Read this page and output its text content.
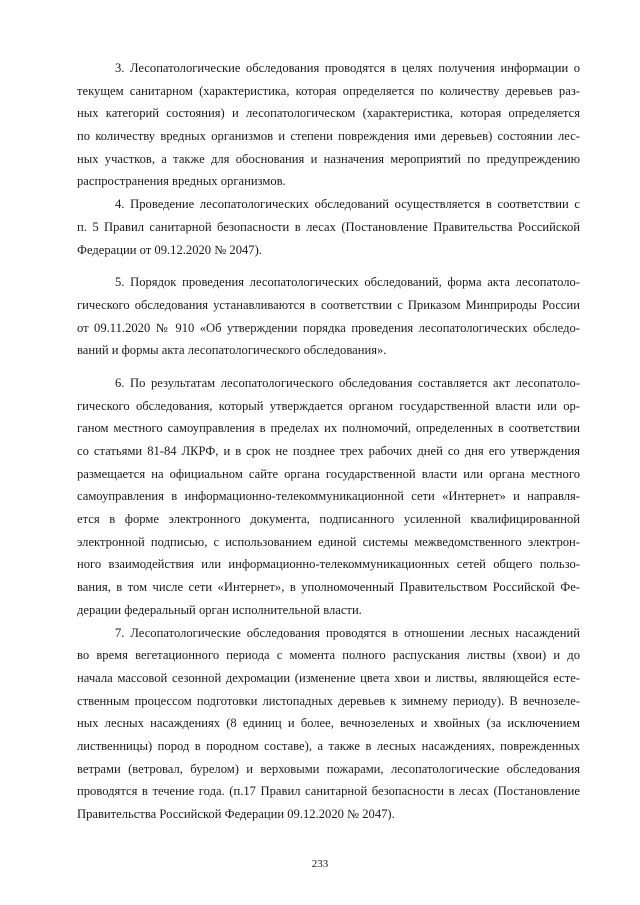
3. Лесопатологические обследования проводятся в целях получения информации о
текущем санитарном (характеристика, которая определяется по количеству деревьев раз-
ных категорий состояния) и лесопатологическом (характеристика, которая определяется
по количеству вредных организмов и степени повреждения ими деревьев) состоянии лес-
ных участков, а также для обоснования и назначения мероприятий по предупреждению
распространения вредных организмов.
4. Проведение лесопатологических обследований осуществляется в соответствии с
п. 5 Правил санитарной безопасности в лесах (Постановление Правительства Российской
Федерации от 09.12.2020 № 2047).
5. Порядок проведения лесопатологических обследований, форма акта лесопатоло-
гического обследования устанавливаются в соответствии с Приказом Минприроды России
от 09.11.2020 № 910 «Об утверждении порядка проведения лесопатологических обследо-
ваний и формы акта лесопатологического обследования».
6. По результатам лесопатологического обследования составляется акт лесопатоло-
гического обследования, который утверждается органом государственной власти или ор-
ганом местного самоуправления в пределах их полномочий, определенных в соответствии
со статьями 81-84 ЛКРФ, и в срок не позднее трех рабочих дней со дня его утверждения
размещается на официальном сайте органа государственной власти или органа местного
самоуправления в информационно-телекоммуникационной сети «Интернет» и направля-
ется в форме электронного документа, подписанного усиленной квалифицированной
электронной подписью, с использованием единой системы межведомственного электрон-
ного взаимодействия или информационно-телекоммуникационных сетей общего пользо-
вания, в том числе сети «Интернет», в уполномоченный Правительством Российской Фе-
дерации федеральный орган исполнительной власти.
7. Лесопатологические обследования проводятся в отношении лесных насаждений
во время вегетационного периода с момента полного распускания листвы (хвои) и до
начала массовой сезонной дехромации (изменение цвета хвои и листвы, являющейся есте-
ственным процессом подготовки листопадных деревьев к зимнему периоду). В вечнозеле-
ных лесных насаждениях (8 единиц и более, вечнозеленых и хвойных (за исключением
лиственницы) пород в породном составе), а также в лесных насаждениях, поврежденных
ветрами (ветровал, бурелом) и верховыми пожарами, лесопатологические обследования
проводятся в течение года. (п.17 Правил санитарной безопасности в лесах (Постановление
Правительства Российской Федерации 09.12.2020 № 2047).
233
